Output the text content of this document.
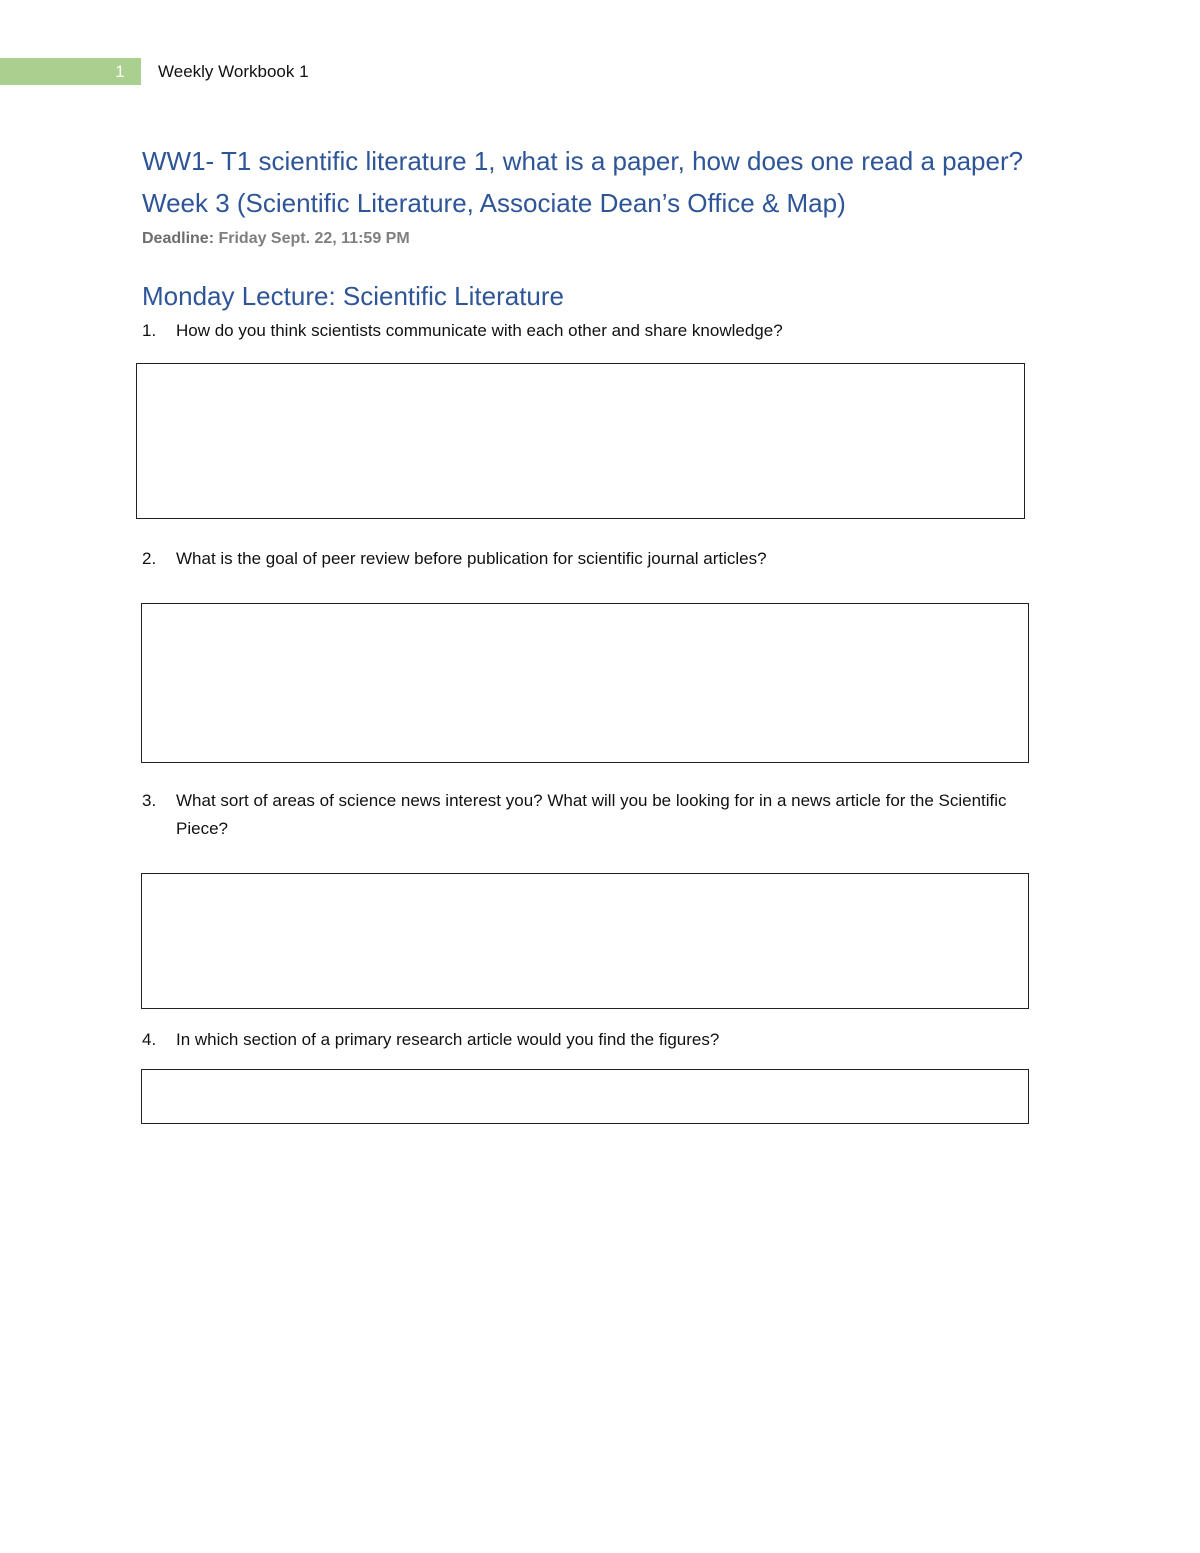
1	Weekly Workbook 1
WW1- T1 scientific literature 1, what is a paper, how does one read a paper? Week 3 (Scientific Literature, Associate Dean’s Office & Map)
Deadline: Friday Sept. 22, 11:59 PM
Monday Lecture: Scientific Literature
1. How do you think scientists communicate with each other and share knowledge?
2. What is the goal of peer review before publication for scientific journal articles?
3. What sort of areas of science news interest you? What will you be looking for in a news article for the Scientific Piece?
4. In which section of a primary research article would you find the figures?
